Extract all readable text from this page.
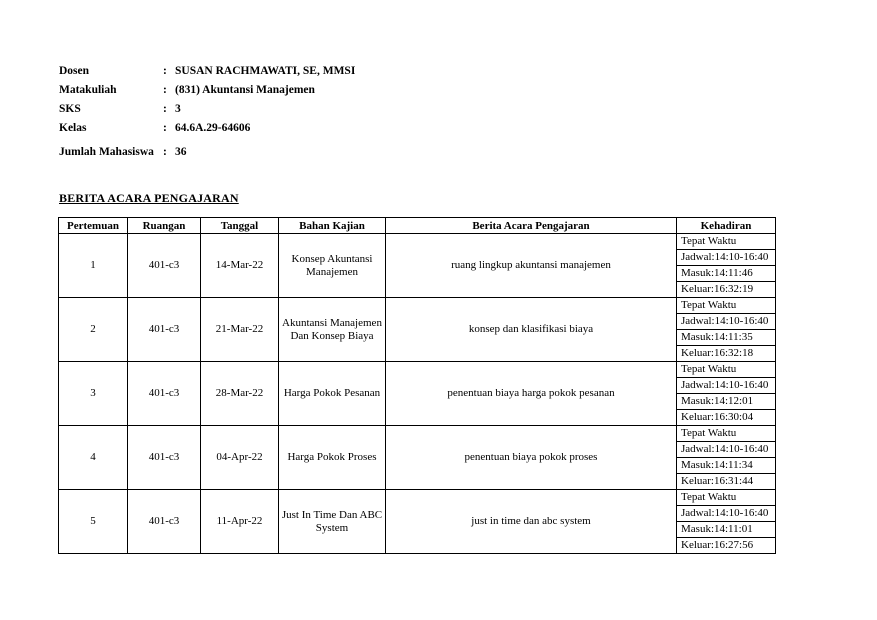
Dosen	: SUSAN RACHMAWATI, SE, MMSI
Matakuliah	: (831) Akuntansi Manajemen
SKS	: 3
Kelas	: 64.6A.29-64606
Jumlah Mahasiswa : 36
BERITA ACARA PENGAJARAN
Pertemuan	Ruangan	Tanggal	Bahan Kajian	Berita Acara Pengajaran	Kehadiran
1	401-c3	14-Mar-22	Konsep Akuntansi Manajemen	ruang lingkup akuntansi manajemen	Tepat Waktu
					Jadwal:14:10-16:40
					Masuk:14:11:46
					Keluar:16:32:19
2	401-c3	21-Mar-22	Akuntansi Manajemen Dan Konsep Biaya	konsep dan klasifikasi biaya	Tepat Waktu
					Jadwal:14:10-16:40
					Masuk:14:11:35
					Keluar:16:32:18
3	401-c3	28-Mar-22	Harga Pokok Pesanan	penentuan biaya harga pokok pesanan	Tepat Waktu
					Jadwal:14:10-16:40
					Masuk:14:12:01
					Keluar:16:30:04
4	401-c3	04-Apr-22	Harga Pokok Proses	penentuan biaya pokok proses	Tepat Waktu
					Jadwal:14:10-16:40
					Masuk:14:11:34
					Keluar:16:31:44
5	401-c3	11-Apr-22	Just In Time Dan ABC System	just in time dan abc system	Tepat Waktu
					Jadwal:14:10-16:40
					Masuk:14:11:01
					Keluar:16:27:56
